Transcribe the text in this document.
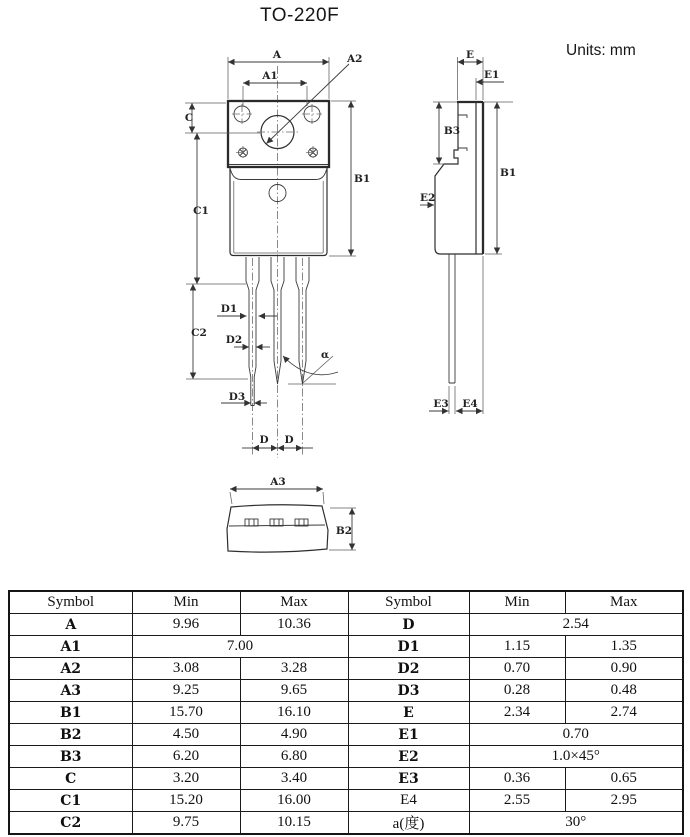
TO-220F
Units: mm
A
A1
A2
C
C1
C2
B1
D1
D2
D3
α
D D
E
E1
B3
E2
B1
E3 E4
A3
B2
Symbol	Min	Max	Symbol	Min	Max
A	9.96	10.36	D	2.54	
A1	7.00		D1	1.15	1.35
A2	3.08	3.28	D2	0.70	0.90
A3	9.25	9.65	D3	0.28	0.48
B1	15.70	16.10	E	2.34	2.74
B2	4.50	4.90	E1	0.70	
B3	6.20	6.80	E2	1.0×45°	
C	3.20	3.40	E3	0.36	0.65
C1	15.20	16.00	E4	2.55	2.95
C2	9.75	10.15	a(度)	30°	
